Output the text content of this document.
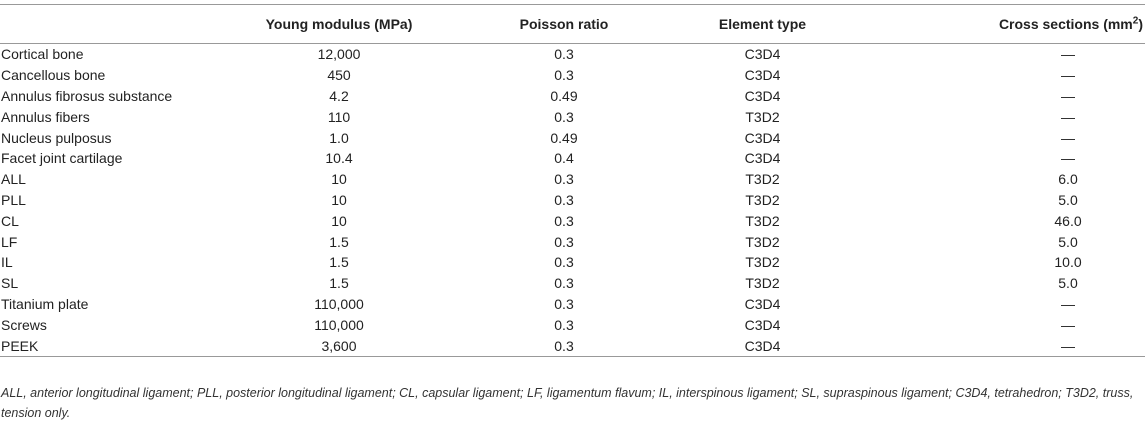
	Young modulus (MPa)	Poisson ratio	Element type	Cross sections $(mm^2)$
Cortical bone	12,000	0.3	C3D4	—
Cancellous bone	450	0.3	C3D4	—
Annulus fibrosus substance	4.2	0.49	C3D4	—
Annulus fibers	110	0.3	T3D2	—
Nucleus pulposus	1.0	0.49	C3D4	—
Facet joint cartilage	10.4	0.4	C3D4	—
ALL	10	0.3	T3D2	6.0
PLL	10	0.3	T3D2	5.0
CL	10	0.3	T3D2	46.0
LF	1.5	0.3	T3D2	5.0
IL	1.5	0.3	T3D2	10.0
SL	1.5	0.3	T3D2	5.0
Titanium plate	110,000	0.3	C3D4	—
Screws	110,000	0.3	C3D4	—
PEEK	3,600	0.3	C3D4	—
ALL, anterior longitudinal ligament; PLL, posterior longitudinal ligament; CL, capsular ligament; LF, ligamentum flavum; IL, interspinous ligament; SL, supraspinous ligament; C3D4, tetrahedron; T3D2, truss, tension only.
